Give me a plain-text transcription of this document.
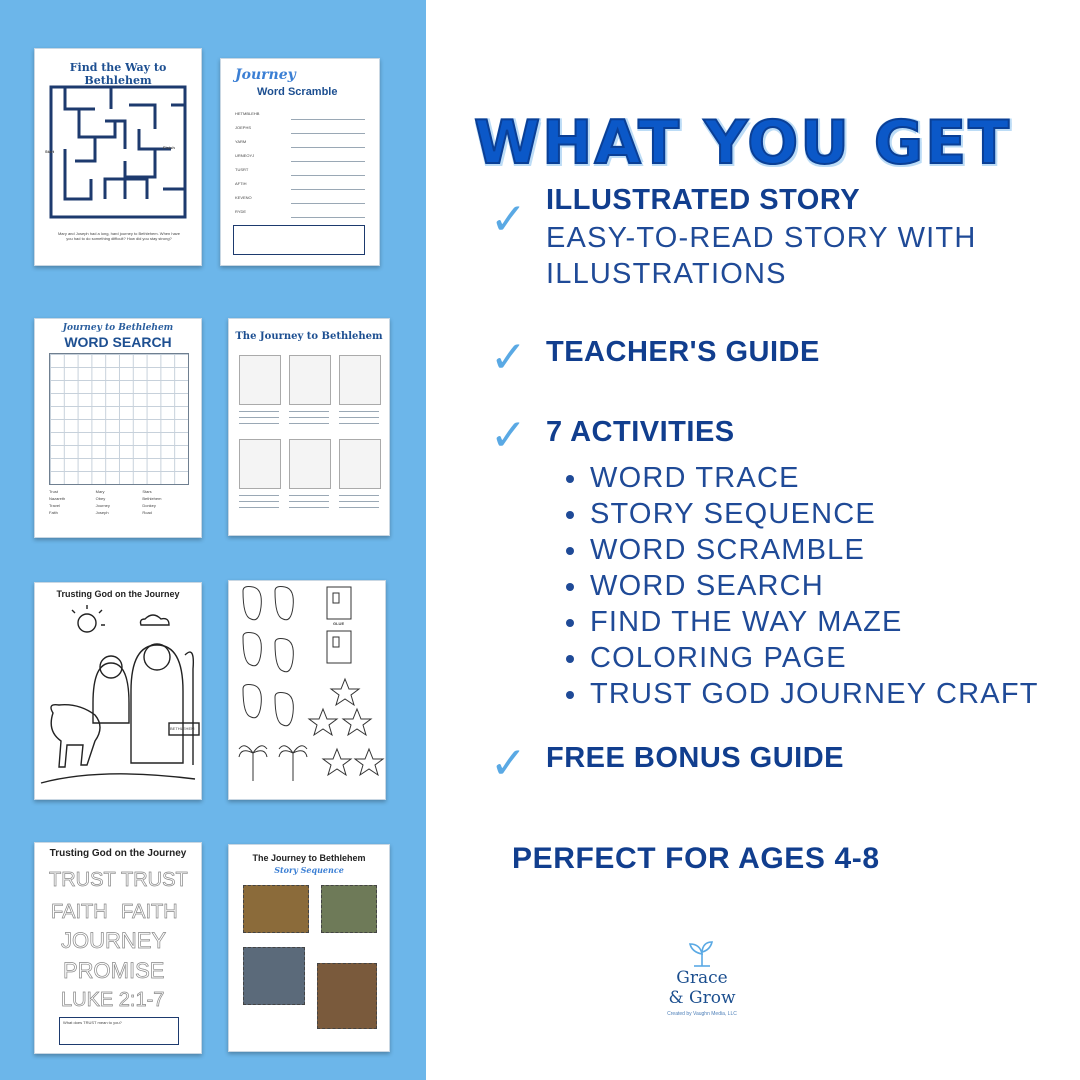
Find the Way to Bethlehem
Start
Finish
Mary and Joseph had a long, hard journey to Bethlehem. When have you had to do something difficult? How did you stay strong?
Journey
Word Scramble
HETMBLEHB
JOEPHS
YARM
URNEOYJ
TUSRT
AFTIH
KEVENO
RYDE
Journey to Bethlehem
WORD SEARCH
Trust	Mary	Stars
Nazareth	Obey	Bethlehem
Travel	Journey	Donkey
Faith	Joseph	Road
The Journey to Bethlehem
Trusting God on the Journey
BETHLEHEM
GLUE
Trusting God on the Journey
TRUST TRUST
FAITH FAITH
JOURNEY
PROMISE
LUKE 2:1-7
What does TRUST mean to you?
The Journey to Bethlehem
Story Sequence
WHAT YOU GET
✓ ILLUSTRATED STORY
EASY-TO-READ STORY WITH ILLUSTRATIONS
✓ TEACHER'S GUIDE
✓ 7 ACTIVITIES
WORD TRACE
STORY SEQUENCE
WORD SCRAMBLE
WORD SEARCH
FIND THE WAY MAZE
COLORING PAGE
TRUST GOD JOURNEY CRAFT
✓ FREE BONUS GUIDE
PERFECT FOR AGES 4-8
Grace
& Grow
Created by Vaughn Media, LLC
